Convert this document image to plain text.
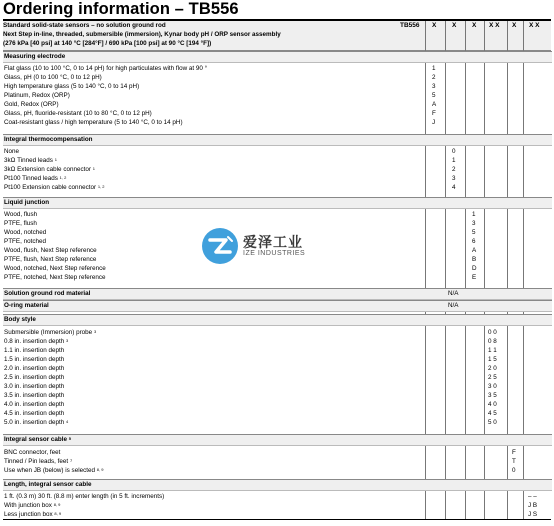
Ordering information – TB556
Standard solid-state sensors – no solution ground rod
Next Step in-line, threaded, submersible (immersion), Kynar body pH / ORP sensor assembly
(276 kPa [40 psi] at 140 °C [284°F] / 690 kPa [100 psi] at 90 °C [194 °F])
TB556 X X X X X X X X
Measuring electrode
Flat glass (10 to 100 °C, 0 to 14 pH) for high particulates with flow at 90 °	1
Glass, pH (0 to 100 °C, 0 to 12 pH)	2
High temperature glass (5 to 140 °C, 0 to 14 pH)	3
Platinum, Redox (ORP)	5
Gold, Redox (ORP)	A
Glass, pH, fluoride-resistant (10 to 80 °C, 0 to 12 pH)	F
Coat-resistant glass / high temperature (5 to 140 °C, 0 to 14 pH)	J
Integral thermocompensation
None	0
3kΩ Tinned leads $^1$	1
3kΩ Extension cable connector $^1$	2
Pt100 Tinned leads $^{1, 2}$	3
Pt100 Extension cable connector $^{1, 2}$	4
Liquid junction
Wood, flush	1
PTFE, flush	3
Wood, notched	5
PTFE, notched	6
Wood, flush, Next Step reference	A
PTFE, flush, Next Step reference	B
Wood, notched, Next Step reference	D
PTFE, notched, Next Step reference	E
Solution ground rod material	N/A
O-ring material	N/A
Body style
Submersible (Immersion) probe $^3$	0 0
0.8 in. insertion depth $^3$	0 8
1.1 in. insertion depth	1 1
1.5 in. insertion depth	1 5
2.0 in. insertion depth	2 0
2.5 in. insertion depth	2 5
3.0 in. insertion depth	3 0
3.5 in. insertion depth	3 5
4.0 in. insertion depth	4 0
4.5 in. insertion depth	4 5
5.0 in. insertion depth $^4$	5 0
Integral sensor cable $^5$
BNC connector, feet	F
Tinned / Pin leads, feet $^7$	T
Use when JB (below) is selected $^{8, 9}$	0
Length, integral sensor cable
1 ft. (0.3 m) 30 ft. (8.8 m) enter length (in 5 ft. increments)	– –
With junction box $^{8, 9}$	J B
Less junction box $^{8, 9}$	J S
爱泽工业
IZE INDUSTRIES
